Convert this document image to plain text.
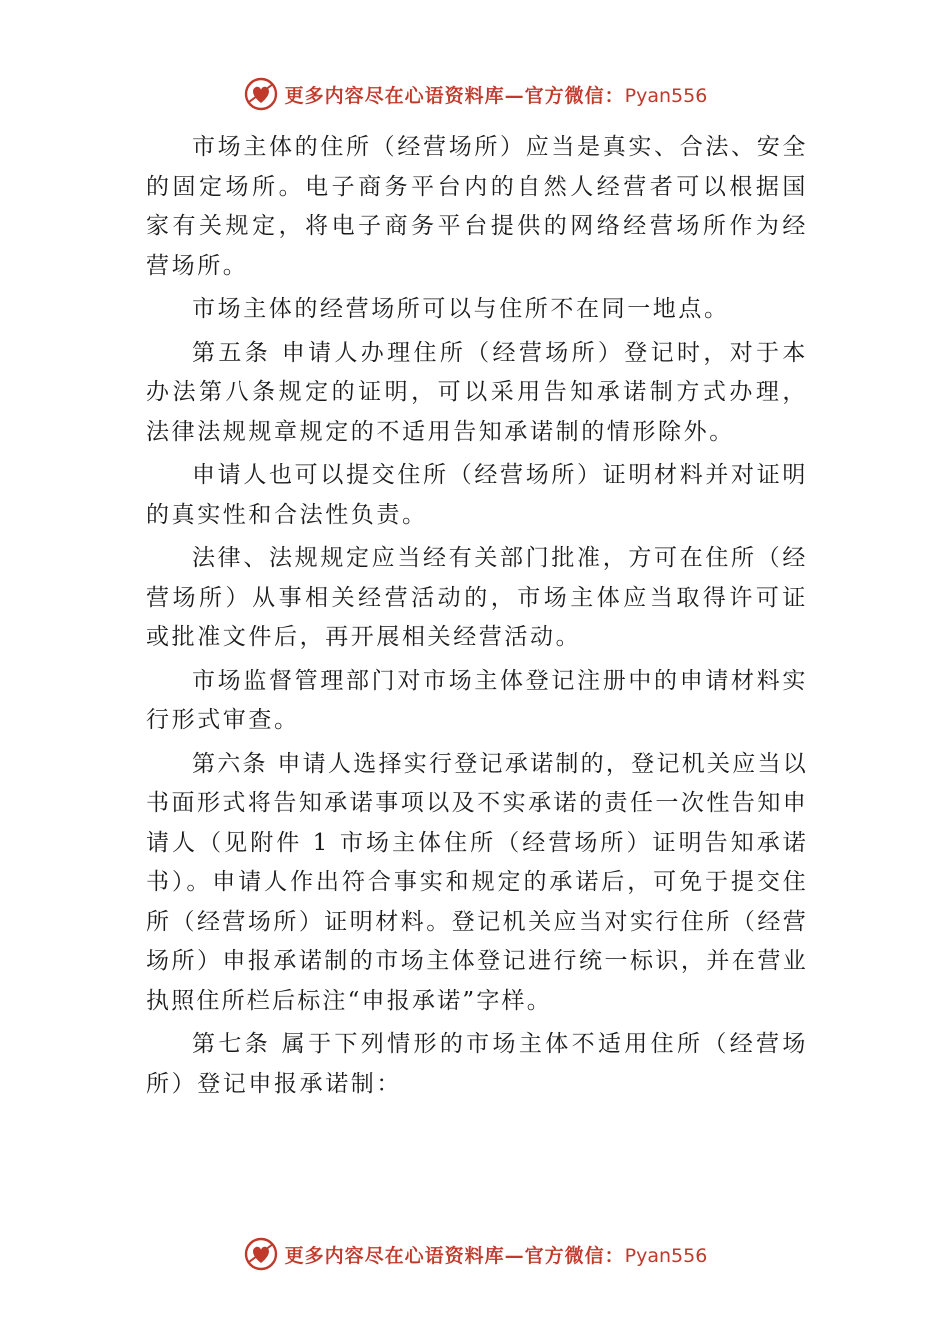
更多内容尽在心语资料库—官方微信：Pyan556

市场主体的住所（经营场所）应当是真实、合法、安全的固定场所。电子商务平台内的自然人经营者可以根据国家有关规定，将电子商务平台提供的网络经营场所作为经营场所。

市场主体的经营场所可以与住所不在同一地点。

第五条 申请人办理住所（经营场所）登记时，对于本办法第八条规定的证明，可以采用告知承诺制方式办理，法律法规规章规定的不适用告知承诺制的情形除外。

申请人也可以提交住所（经营场所）证明材料并对证明的真实性和合法性负责。

法律、法规规定应当经有关部门批准，方可在住所（经营场所）从事相关经营活动的，市场主体应当取得许可证或批准文件后，再开展相关经营活动。

市场监督管理部门对市场主体登记注册中的申请材料实行形式审查。

第六条 申请人选择实行登记承诺制的，登记机关应当以书面形式将告知承诺事项以及不实承诺的责任一次性告知申请人（见附件 1 市场主体住所（经营场所）证明告知承诺书）。申请人作出符合事实和规定的承诺后，可免于提交住所（经营场所）证明材料。登记机关应当对实行住所（经营场所）申报承诺制的市场主体登记进行统一标识，并在营业执照住所栏后标注“申报承诺”字样。

第七条 属于下列情形的市场主体不适用住所（经营场所）登记申报承诺制：

更多内容尽在心语资料库—官方微信：Pyan556
